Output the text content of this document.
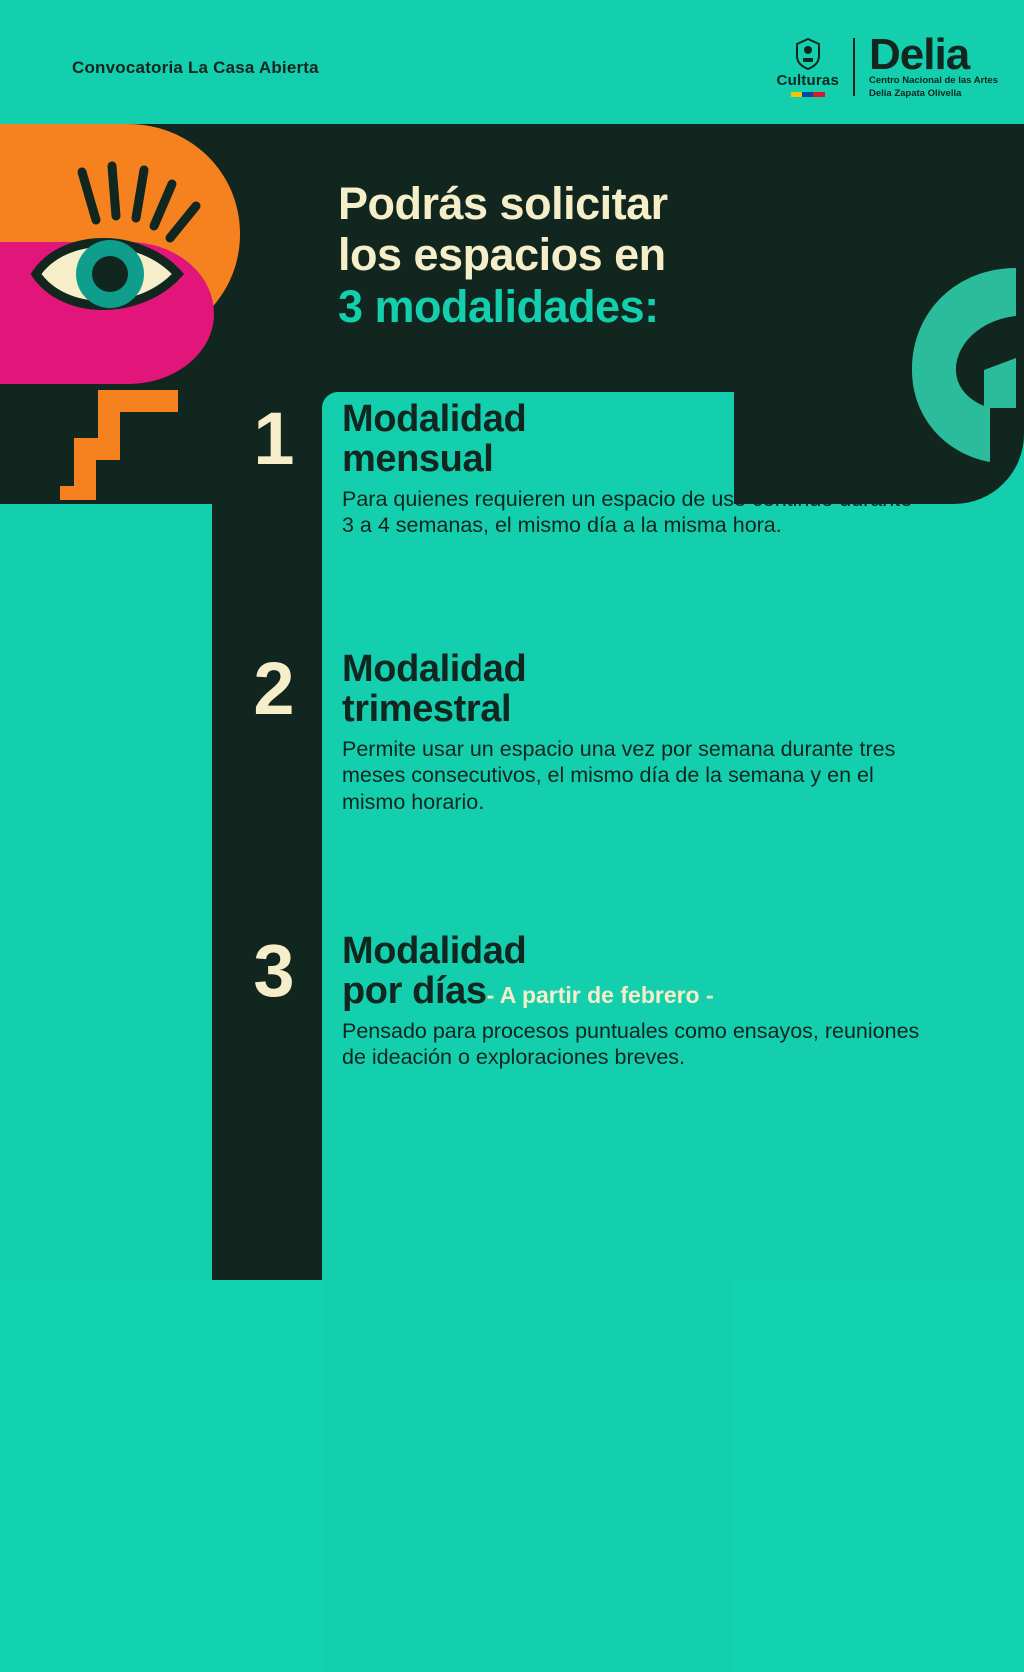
Convocatoria La Casa Abierta
Culturas
Delia
Centro Nacional de las Artes
Delia Zapata Olivella
Podrás solicitar
los espacios en
3 modalidades:
1	Modalidad
mensual
Para quienes requieren un espacio de uso continuo durante 3 a 4 semanas, el mismo día a la misma hora.
2	Modalidad
trimestral
Permite usar un espacio una vez por semana durante tres meses consecutivos, el mismo día de la semana y en el mismo horario.
3	Modalidad
por días- A partir de febrero -
Pensado para procesos puntuales como ensayos, reuniones de ideación o exploraciones breves.
